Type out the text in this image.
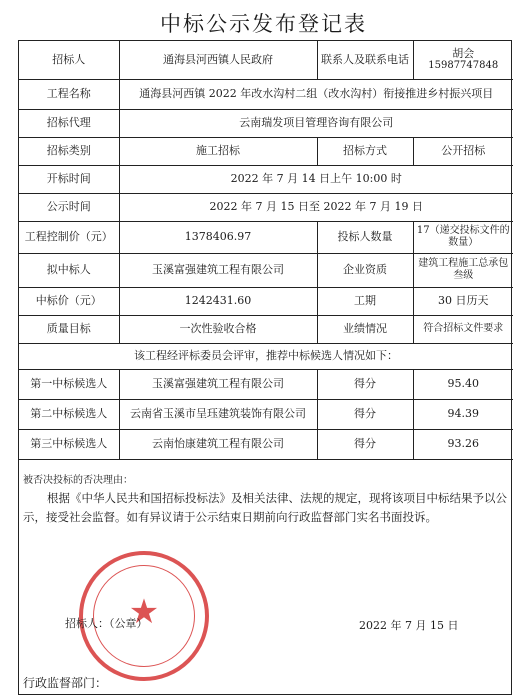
中标公示发布登记表
招标人	通海县河西镇人民政府	联系人及联系电话	胡会
15987747848

工程名称	通海县河西镇 2022 年改水沟村二组（改水沟村）衔接推进乡村振兴项目		
招标代理	云南瑞发项目管理咨询有限公司		
招标类别	施工招标	招标方式	公开招标
开标时间	2022 年 7 月 14 日上午 10:00 时		
公示时间	2022 年 7 月 15 日至 2022 年 7 月 19 日		
工程控制价（元）	1378406.97	投标人数量	17（递交投标文件的数量）
拟中标人	玉溪富强建筑工程有限公司	企业资质	建筑工程施工总承包叁级
中标价（元）	1242431.60	工期	30 日历天
质量目标	一次性验收合格	业绩情况	符合招标文件要求
该工程经评标委员会评审，推荐中标候选人情况如下：			
第一中标候选人	玉溪富强建筑工程有限公司	得分	95.40
第二中标候选人	云南省玉溪市呈珏建筑装饰有限公司	得分	94.39
第三中标候选人	云南怡康建筑工程有限公司	得分	93.26
被否决投标的否决理由：
根据《中华人民共和国招标投标法》及相关法律、法规的规定，现将该项目中标结果予以公示，接受社会监督。如有异议请于公示结束日期前向行政监督部门实名书面投诉。
★
招标人：（公章）	2022 年 7 月 15 日
行政监督部门：
